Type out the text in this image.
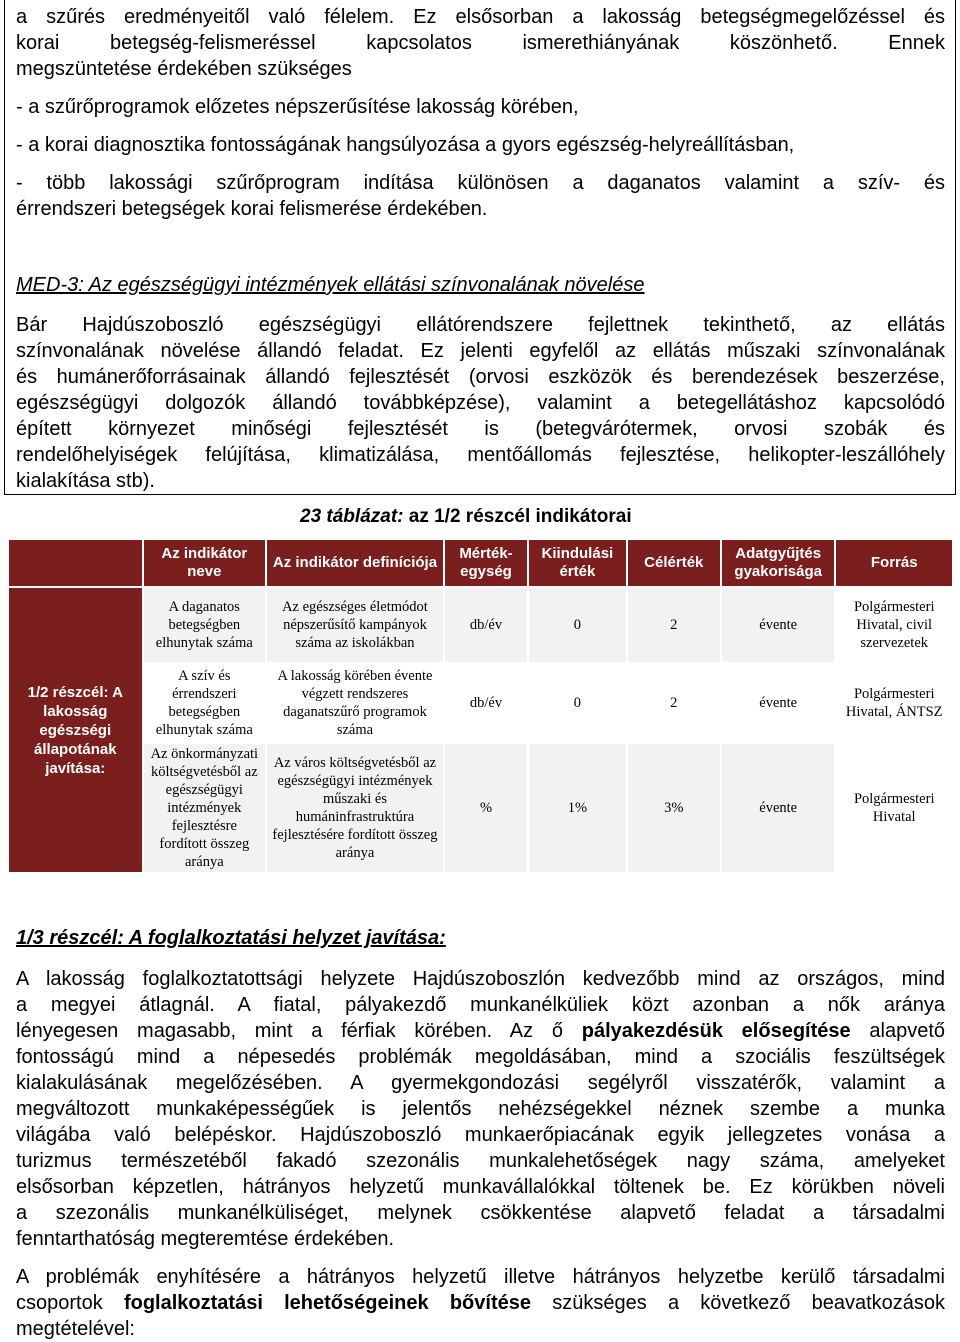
a szűrés eredményeitől való félelem. Ez elsősorban a lakosság betegségmegelőzéssel és
korai betegség-felismeréssel kapcsolatos ismerethiányának köszönhető. Ennek
megszüntetése érdekében szükséges
- a szűrőprogramok előzetes népszerűsítése lakosság körében,
- a korai diagnosztika fontosságának hangsúlyozása a gyors egészség-helyreállításban,
- több lakossági szűrőprogram indítása különösen a daganatos valamint a szív- és
érrendszeri betegségek korai felismerése érdekében.
MED-3: Az egészségügyi intézmények ellátási színvonalának növelése
Bár Hajdúszoboszló egészségügyi ellátórendszere fejlettnek tekinthető, az ellátás
színvonalának növelése állandó feladat. Ez jelenti egyfelől az ellátás műszaki színvonalának
és humánerőforrásainak állandó fejlesztését (orvosi eszközök és berendezések beszerzése,
egészségügyi dolgozók állandó továbbképzése), valamint a betegellátáshoz kapcsolódó
épített környezet minőségi fejlesztését is (betegvárótermek, orvosi szobák és
rendelőhelyiségek felújítása, klimatizálása, mentőállomás fejlesztése, helikopter-leszállóhely
kialakítása stb).
23 táblázat: az 1/2 részcél indikátorai
	Az indikátor neve	Az indikátor definíciója	Mérték-egység	Kiindulási érték	Célérték	Adatgyűjtés gyakorisága	Forrás
1/2 részcél: A lakosság egészségi állapotának javítása:	A daganatos betegségben elhunytak száma	Az egészséges életmódot népszerűsítő kampányok száma az iskolákban	db/év	0	2	évente	Polgármesteri Hivatal, civil szervezetek
	A szív és érrendszeri betegségben elhunytak száma	A lakosság körében évente végzett rendszeres daganatszűrő programok száma	db/év	0	2	évente	Polgármesteri Hivatal, ÁNTSZ
	Az önkormányzati költségvetésből az egészségügyi intézmények fejlesztésre fordított összeg aránya	Az város költségvetésből az egészségügyi intézmények műszaki és humáninfrastruktúra fejlesztésére fordított összeg aránya	%	1%	3%	évente	Polgármesteri Hivatal
1/3 részcél: A foglalkoztatási helyzet javítása:
A lakosság foglalkoztatottsági helyzete Hajdúszoboszlón kedvezőbb mind az országos, mind
a megyei átlagnál. A fiatal, pályakezdő munkanélküliek közt azonban a nők aránya
lényegesen magasabb, mint a férfiak körében. Az ő pályakezdésük elősegítése alapvető
fontosságú mind a népesedés problémák megoldásában, mind a szociális feszültségek
kialakulásának megelőzésében. A gyermekgondozási segélyről visszatérők, valamint a
megváltozott munkaképességűek is jelentős nehézségekkel néznek szembe a munka
világába való belépéskor. Hajdúszoboszló munkaerőpiacának egyik jellegzetes vonása a
turizmus természetéből fakadó szezonális munkalehetőségek nagy száma, amelyeket
elsősorban képzetlen, hátrányos helyzetű munkavállalókkal töltenek be. Ez körükben növeli
a szezonális munkanélküliséget, melynek csökkentése alapvető feladat a társadalmi
fenntarthatóság megteremtése érdekében.
A problémák enyhítésére a hátrányos helyzetű illetve hátrányos helyzetbe kerülő társadalmi
csoportok foglalkoztatási lehetőségeinek bővítése szükséges a következő beavatkozások
megtételével:
